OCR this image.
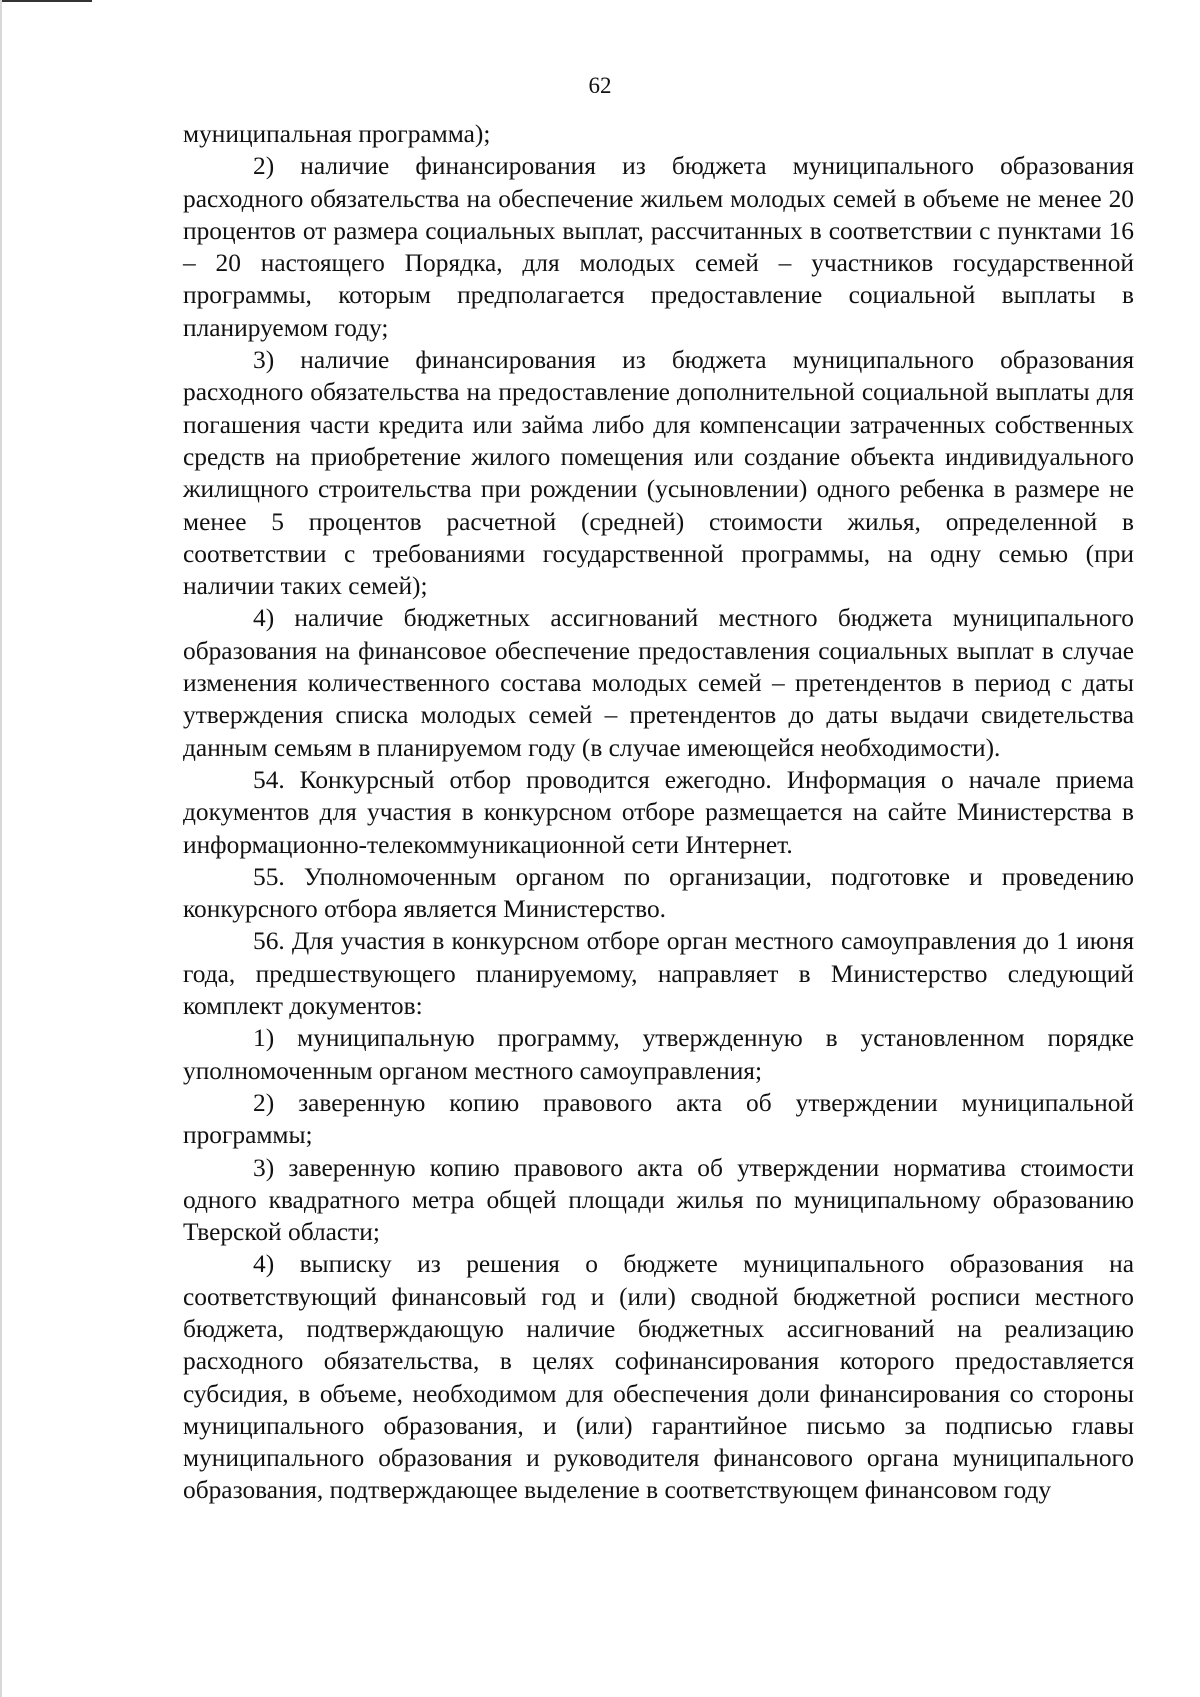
62

муниципальная программа);

2) наличие финансирования из бюджета муниципального образования расходного обязательства на обеспечение жильем молодых семей в объеме не менее 20 процентов от размера социальных выплат, рассчитанных в соответствии с пунктами 16 – 20 настоящего Порядка, для молодых семей – участников государственной программы, которым предполагается предоставление социальной выплаты в планируемом году;

3) наличие финансирования из бюджета муниципального образования расходного обязательства на предоставление дополнительной социальной выплаты для погашения части кредита или займа либо для компенсации затраченных собственных средств на приобретение жилого помещения или создание объекта индивидуального жилищного строительства при рождении (усыновлении) одного ребенка в размере не менее 5 процентов расчетной (средней) стоимости жилья, определенной в соответствии с требованиями государственной программы, на одну семью (при наличии таких семей);

4) наличие бюджетных ассигнований местного бюджета муниципального образования на финансовое обеспечение предоставления социальных выплат в случае изменения количественного состава молодых семей – претендентов в период с даты утверждения списка молодых семей – претендентов до даты выдачи свидетельства данным семьям в планируемом году (в случае имеющейся необходимости).

54. Конкурсный отбор проводится ежегодно. Информация о начале приема документов для участия в конкурсном отборе размещается на сайте Министерства в информационно-телекоммуникационной сети Интернет.

55. Уполномоченным органом по организации, подготовке и проведению конкурсного отбора является Министерство.

56. Для участия в конкурсном отборе орган местного самоуправления до 1 июня года, предшествующего планируемому, направляет в Министерство следующий комплект документов:

1) муниципальную программу, утвержденную в установленном порядке уполномоченным органом местного самоуправления;

2) заверенную копию правового акта об утверждении муниципальной программы;

3) заверенную копию правового акта об утверждении норматива стоимости одного квадратного метра общей площади жилья по муниципальному образованию Тверской области;

4) выписку из решения о бюджете муниципального образования на соответствующий финансовый год и (или) сводной бюджетной росписи местного бюджета, подтверждающую наличие бюджетных ассигнований на реализацию расходного обязательства, в целях софинансирования которого предоставляется субсидия, в объеме, необходимом для обеспечения доли финансирования со стороны муниципального образования, и (или) гарантийное письмо за подписью главы муниципального образования и руководителя финансового органа муниципального образования, подтверждающее выделение в соответствующем финансовом году
